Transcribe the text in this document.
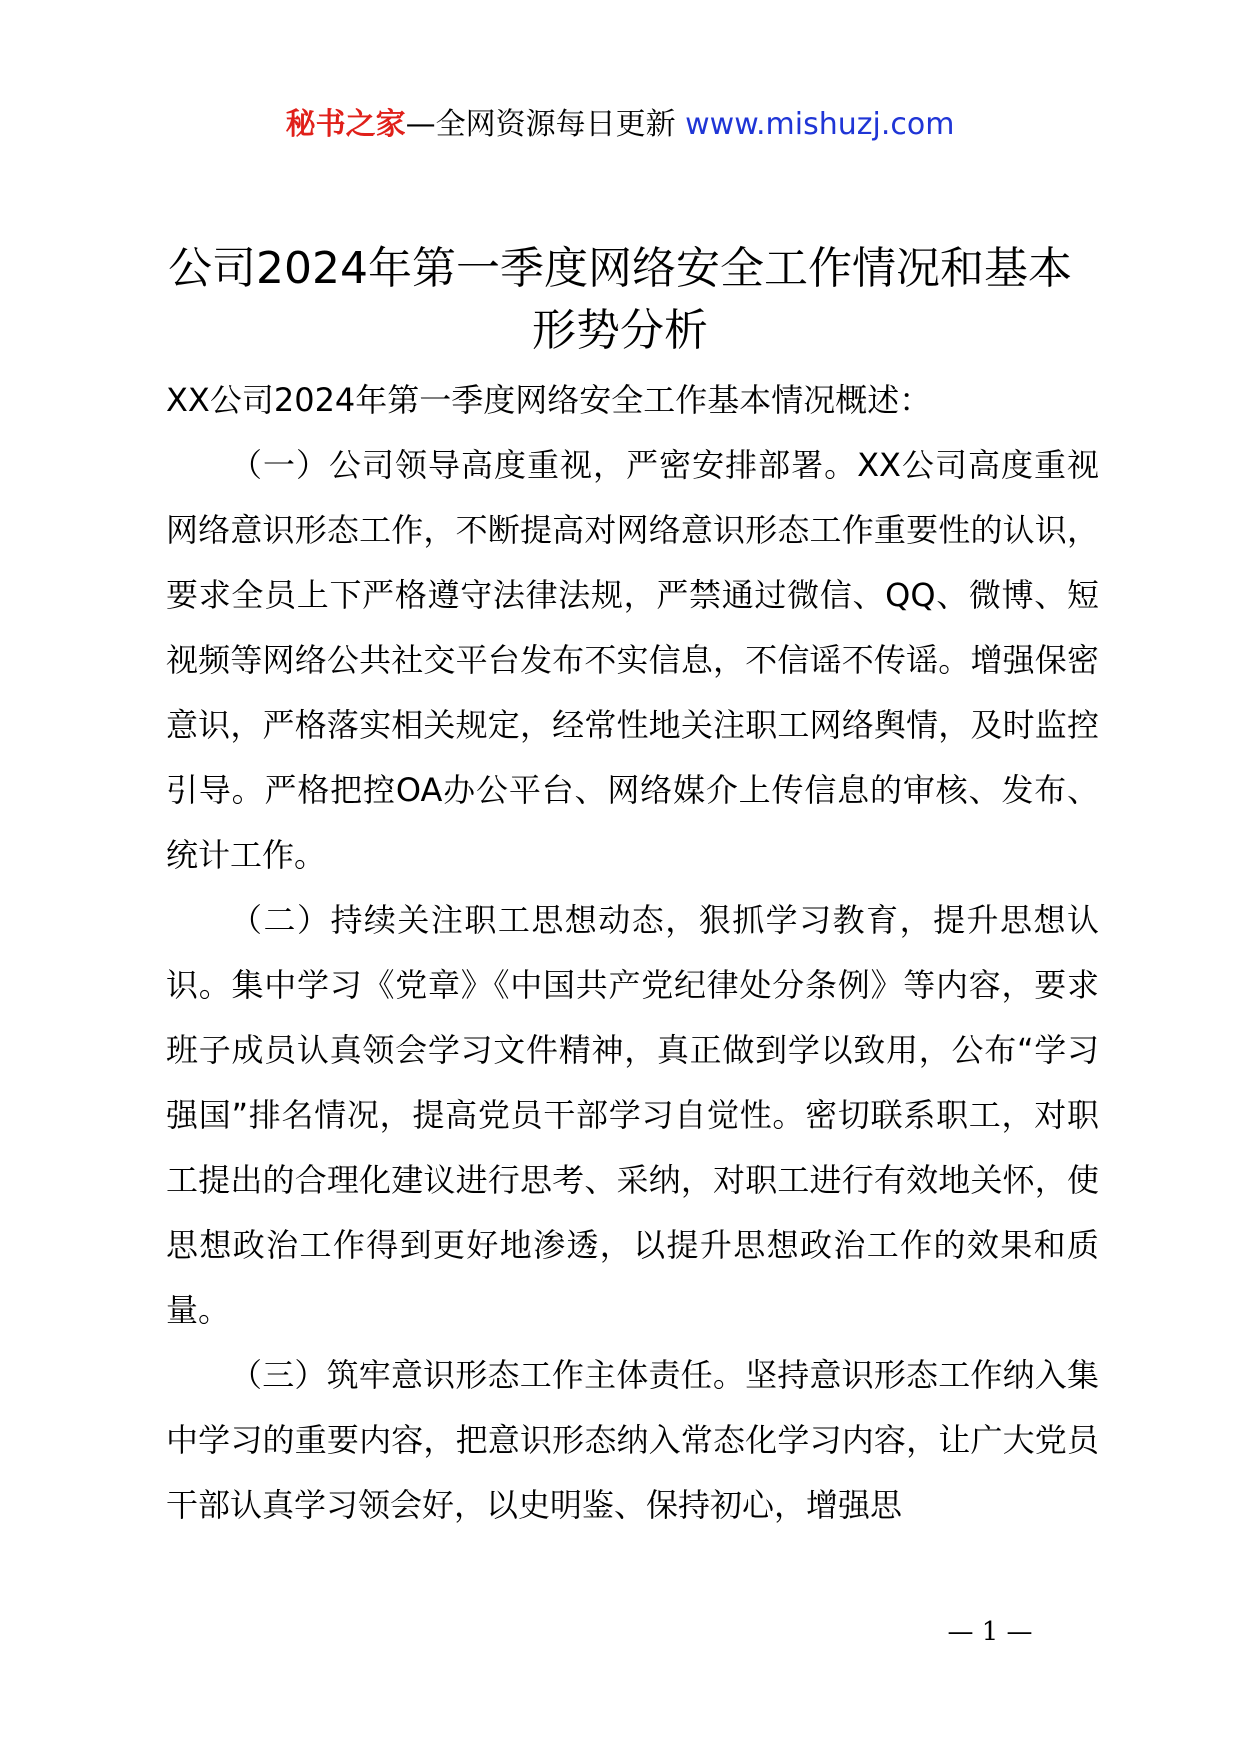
秘书之家—全网资源每日更新 www.mishuzj.com
公司2024年第一季度网络安全工作情况和基本形势分析

XX公司2024年第一季度网络安全工作基本情况概述：

（一）公司领导高度重视，严密安排部署。XX公司高度重视网络意识形态工作，不断提高对网络意识形态工作重要性的认识，要求全员上下严格遵守法律法规，严禁通过微信、QQ、微博、短视频等网络公共社交平台发布不实信息，不信谣不传谣。增强保密意识，严格落实相关规定，经常性地关注职工网络舆情，及时监控引导。严格把控OA办公平台、网络媒介上传信息的审核、发布、统计工作。

（二）持续关注职工思想动态，狠抓学习教育，提升思想认识。集中学习《党章》《中国共产党纪律处分条例》等内容，要求班子成员认真领会学习文件精神，真正做到学以致用，公布“学习强国”排名情况，提高党员干部学习自觉性。密切联系职工，对职工提出的合理化建议进行思考、采纳，对职工进行有效地关怀，使思想政治工作得到更好地渗透，以提升思想政治工作的效果和质量。

（三）筑牢意识形态工作主体责任。坚持意识形态工作纳入集中学习的重要内容，把意识形态纳入常态化学习内容，让广大党员干部认真学习领会好，以史明鉴、保持初心，增强思

— 1 —
